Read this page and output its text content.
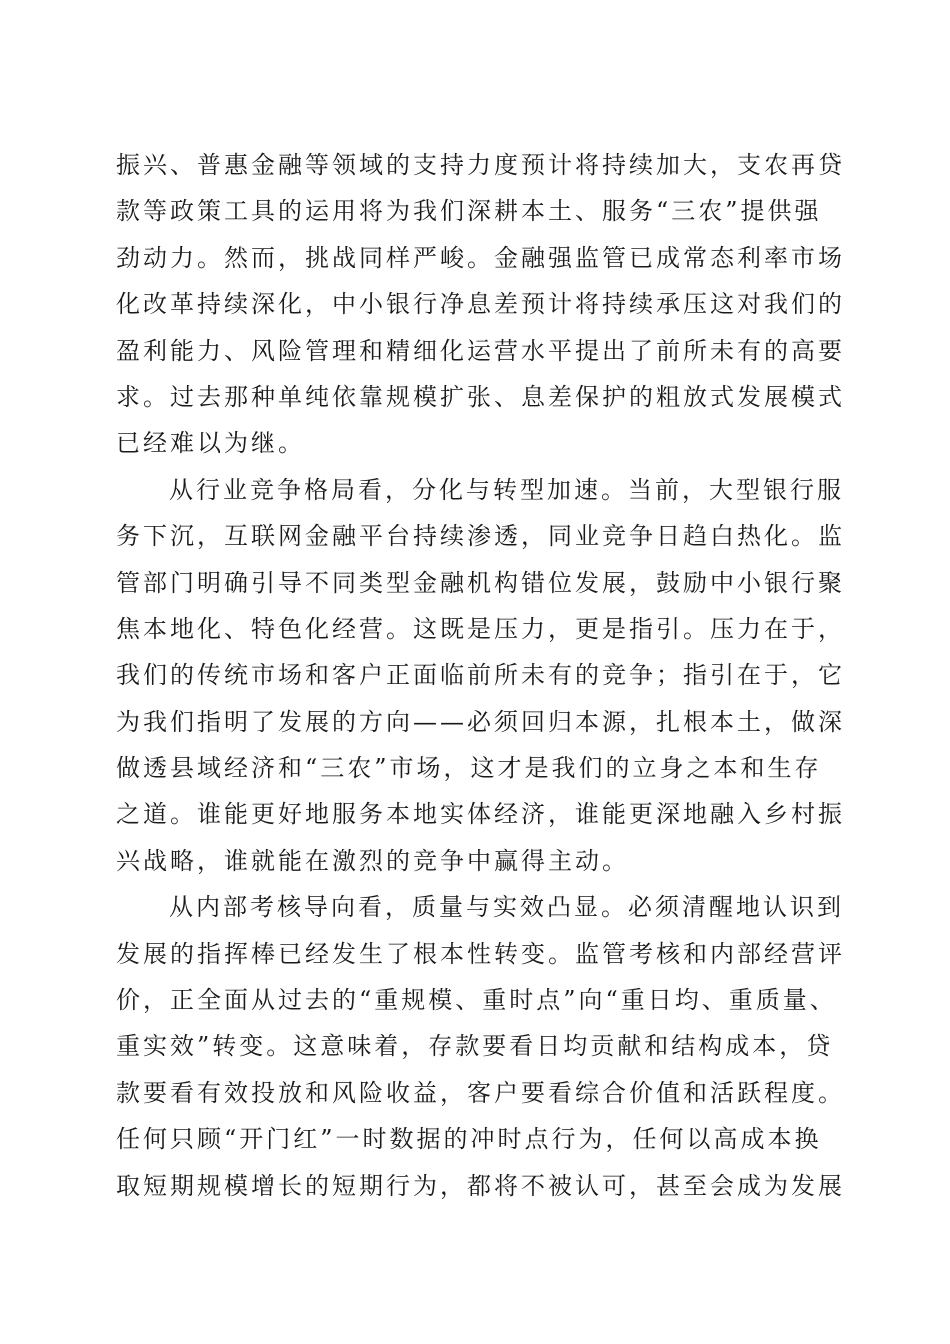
振兴、普惠金融等领域的支持力度预计将持续加大，支农再贷
款等政策工具的运用将为我们深耕本土、服务“三农”提供强
劲动力。然而，挑战同样严峻。金融强监管已成常态利率市场
化改革持续深化，中小银行净息差预计将持续承压这对我们的
盈利能力、风险管理和精细化运营水平提出了前所未有的高要
求。过去那种单纯依靠规模扩张、息差保护的粗放式发展模式
已经难以为继。
从行业竞争格局看，分化与转型加速。当前，大型银行服
务下沉，互联网金融平台持续渗透，同业竞争日趋白热化。监
管部门明确引导不同类型金融机构错位发展，鼓励中小银行聚
焦本地化、特色化经营。这既是压力，更是指引。压力在于，
我们的传统市场和客户正面临前所未有的竞争；指引在于，它
为我们指明了发展的方向——必须回归本源，扎根本土，做深
做透县域经济和“三农”市场，这才是我们的立身之本和生存
之道。谁能更好地服务本地实体经济，谁能更深地融入乡村振
兴战略，谁就能在激烈的竞争中赢得主动。
从内部考核导向看，质量与实效凸显。必须清醒地认识到
发展的指挥棒已经发生了根本性转变。监管考核和内部经营评
价，正全面从过去的“重规模、重时点”向“重日均、重质量、
重实效”转变。这意味着，存款要看日均贡献和结构成本，贷
款要看有效投放和风险收益，客户要看综合价值和活跃程度。
任何只顾“开门红”一时数据的冲时点行为，任何以高成本换
取短期规模增长的短期行为，都将不被认可，甚至会成为发展
